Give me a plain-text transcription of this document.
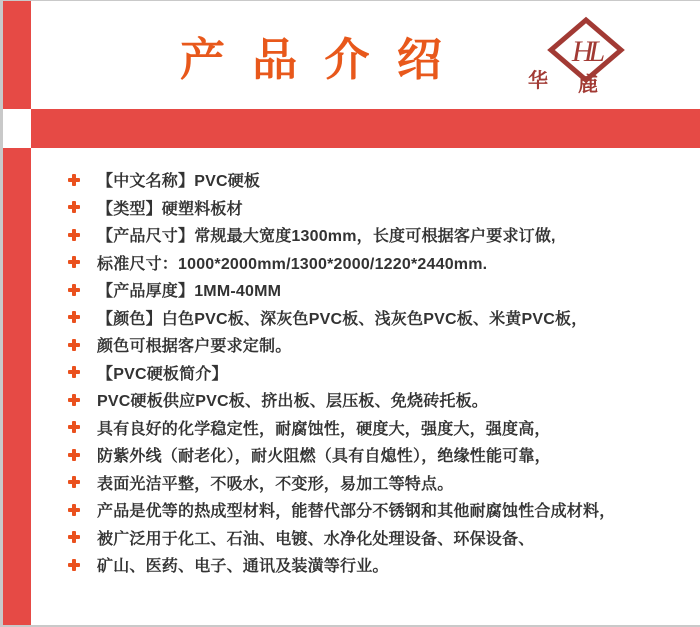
产 品 介 绍	HL
华 鹿
【中文名称】PVC硬板
【类型】硬塑料板材
【产品尺寸】常规最大宽度1300mm，长度可根据客户要求订做,
标准尺寸：1000*2000mm/1300*2000/1220*2440mm.
【产品厚度】1MM-40MM
【颜色】白色PVC板、深灰色PVC板、浅灰色PVC板、米黄PVC板，
颜色可根据客户要求定制。
【PVC硬板简介】
PVC硬板供应PVC板、挤出板、层压板、免烧砖托板。
具有良好的化学稳定性，耐腐蚀性，硬度大，强度大，强度高，
防紫外线（耐老化），耐火阻燃（具有自熄性），绝缘性能可靠，
表面光洁平整，不吸水，不变形，易加工等特点。
产品是优等的热成型材料，能替代部分不锈钢和其他耐腐蚀性合成材料，
被广泛用于化工、石油、电镀、水净化处理设备、环保设备、
矿山、医药、电子、通讯及装潢等行业。
